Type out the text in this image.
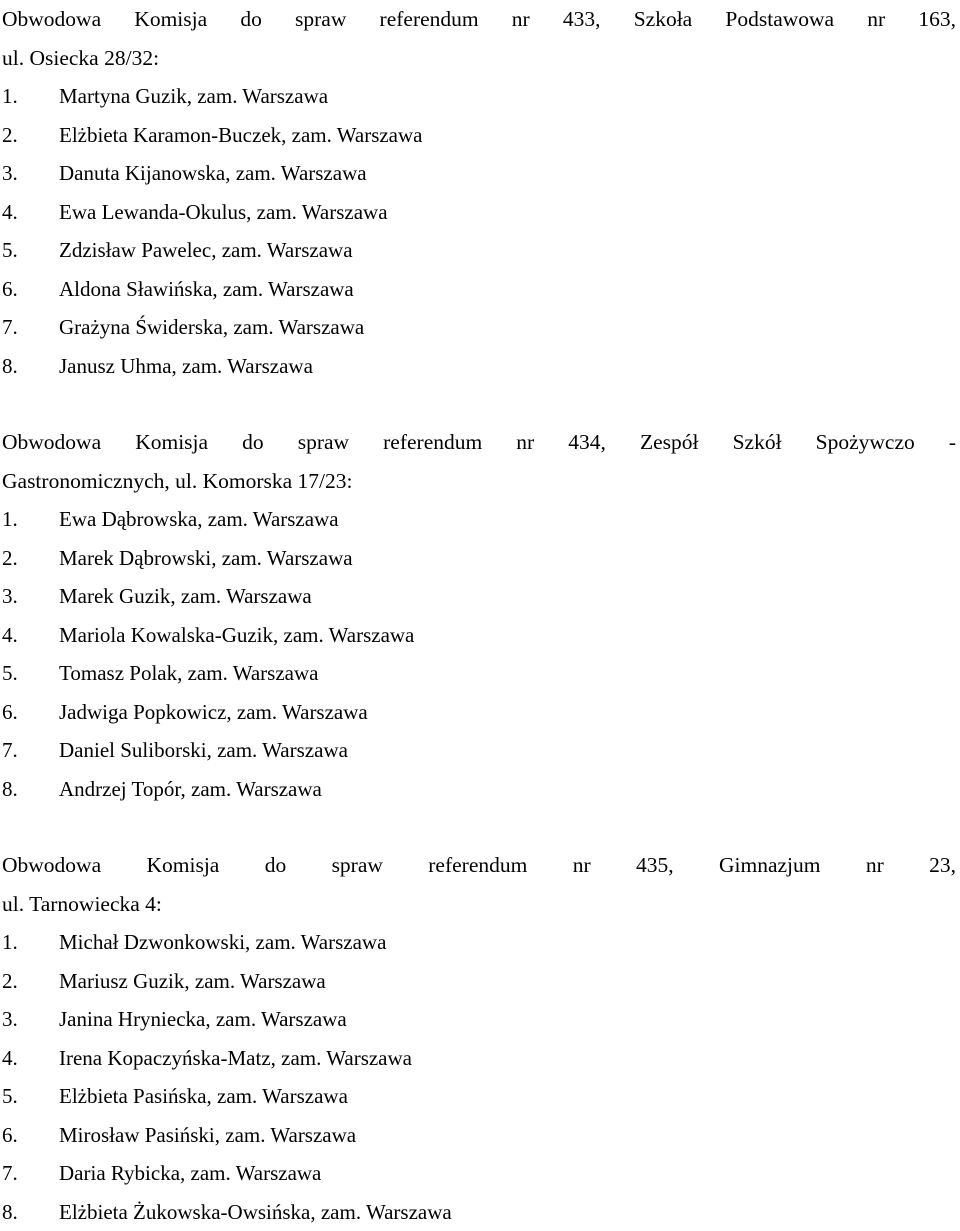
Obwodowa Komisja do spraw referendum nr 433, Szkoła Podstawowa nr 163,
ul. Osiecka 28/32:

1.	Martyna Guzik, zam. Warszawa
2.	Elżbieta Karamon-Buczek, zam. Warszawa
3.	Danuta Kijanowska, zam. Warszawa
4.	Ewa Lewanda-Okulus, zam. Warszawa
5.	Zdzisław Pawelec, zam. Warszawa
6.	Aldona Sławińska, zam. Warszawa
7.	Grażyna Świderska, zam. Warszawa
8.	Janusz Uhma, zam. Warszawa

Obwodowa Komisja do spraw referendum nr 434, Zespół Szkół Spożywczo -
Gastronomicznych, ul. Komorska 17/23:

1.	Ewa Dąbrowska, zam. Warszawa
2.	Marek Dąbrowski, zam. Warszawa
3.	Marek Guzik, zam. Warszawa
4.	Mariola Kowalska-Guzik, zam. Warszawa
5.	Tomasz Polak, zam. Warszawa
6.	Jadwiga Popkowicz, zam. Warszawa
7.	Daniel Suliborski, zam. Warszawa
8.	Andrzej Topór, zam. Warszawa

Obwodowa Komisja do spraw referendum nr 435, Gimnazjum nr 23,
ul. Tarnowiecka 4:

1.	Michał Dzwonkowski, zam. Warszawa
2.	Mariusz Guzik, zam. Warszawa
3.	Janina Hryniecka, zam. Warszawa
4.	Irena Kopaczyńska-Matz, zam. Warszawa
5.	Elżbieta Pasińska, zam. Warszawa
6.	Mirosław Pasiński, zam. Warszawa
7.	Daria Rybicka, zam. Warszawa
8.	Elżbieta Żukowska-Owsińska, zam. Warszawa
